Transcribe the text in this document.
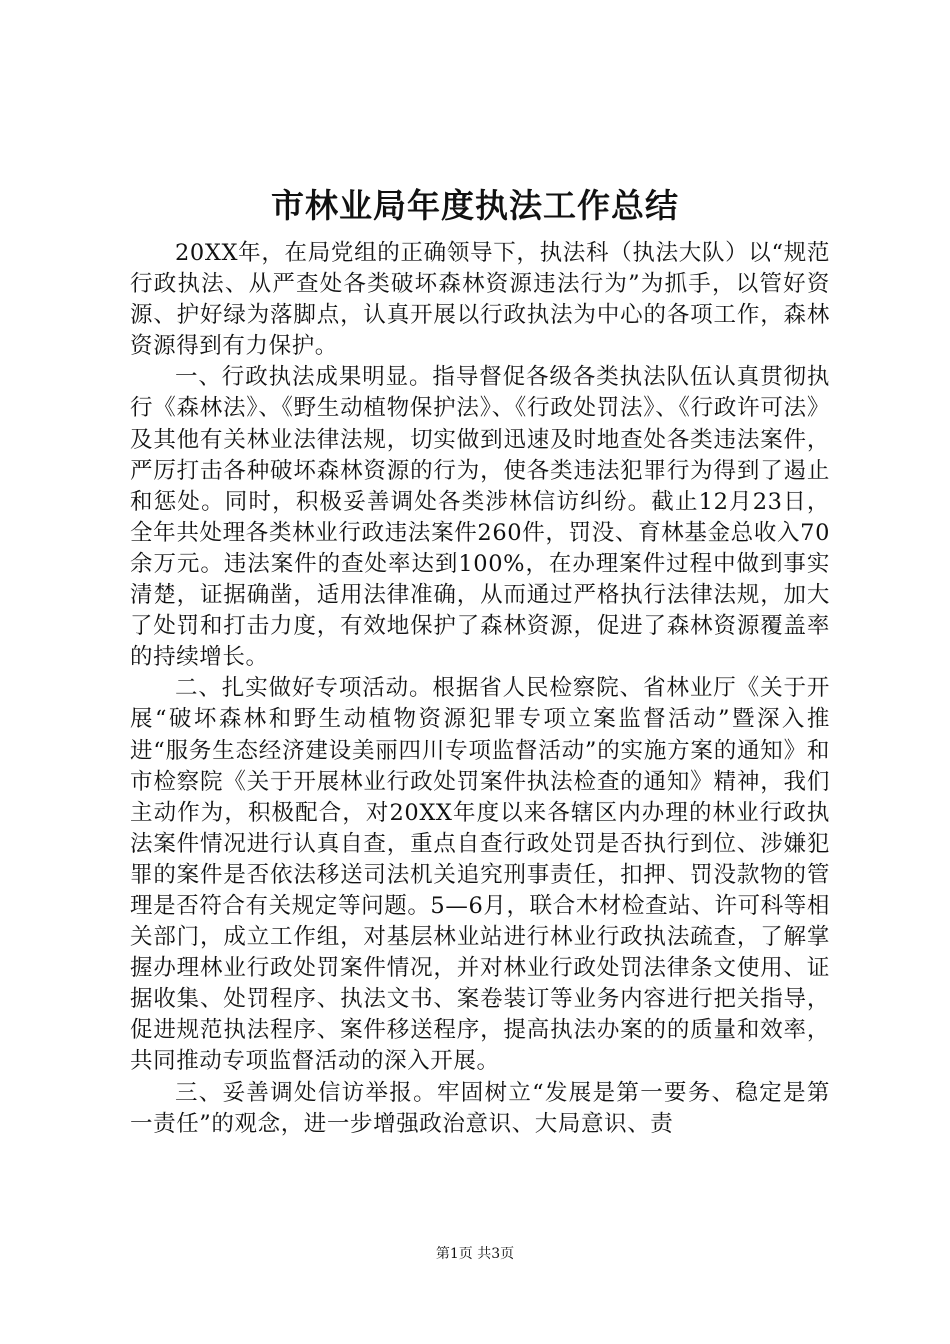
市林业局年度执法工作总结

20XX年，在局党组的正确领导下，执法科（执法大队）以“规范行政执法、从严查处各类破坏森林资源违法行为”为抓手，以管好资源、护好绿为落脚点，认真开展以行政执法为中心的各项工作，森林资源得到有力保护。

一、行政执法成果明显。指导督促各级各类执法队伍认真贯彻执行《森林法》、《野生动植物保护法》、《行政处罚法》、《行政许可法》及其他有关林业法律法规，切实做到迅速及时地查处各类违法案件，严厉打击各种破坏森林资源的行为，使各类违法犯罪行为得到了遏止和惩处。同时，积极妥善调处各类涉林信访纠纷。截止12月23日，全年共处理各类林业行政违法案件260件，罚没、育林基金总收入70余万元。违法案件的查处率达到100%，在办理案件过程中做到事实清楚，证据确凿，适用法律准确，从而通过严格执行法律法规，加大了处罚和打击力度，有效地保护了森林资源，促进了森林资源覆盖率的持续增长。

二、扎实做好专项活动。根据省人民检察院、省林业厅《关于开展“破坏森林和野生动植物资源犯罪专项立案监督活动”暨深入推进“服务生态经济建设美丽四川专项监督活动”的实施方案的通知》和市检察院《关于开展林业行政处罚案件执法检查的通知》精神，我们主动作为，积极配合，对20XX年度以来各辖区内办理的林业行政执法案件情况进行认真自查，重点自查行政处罚是否执行到位、涉嫌犯罪的案件是否依法移送司法机关追究刑事责任，扣押、罚没款物的管理是否符合有关规定等问题。5—6月，联合木材检查站、许可科等相关部门，成立工作组，对基层林业站进行林业行政执法疏查，了解掌握办理林业行政处罚案件情况，并对林业行政处罚法律条文使用、证据收集、处罚程序、执法文书、案卷装订等业务内容进行把关指导，促进规范执法程序、案件移送程序，提高执法办案的的质量和效率，共同推动专项监督活动的深入开展。

三、妥善调处信访举报。牢固树立“发展是第一要务、稳定是第一责任”的观念，进一步增强政治意识、大局意识、责

第1页 共3页
